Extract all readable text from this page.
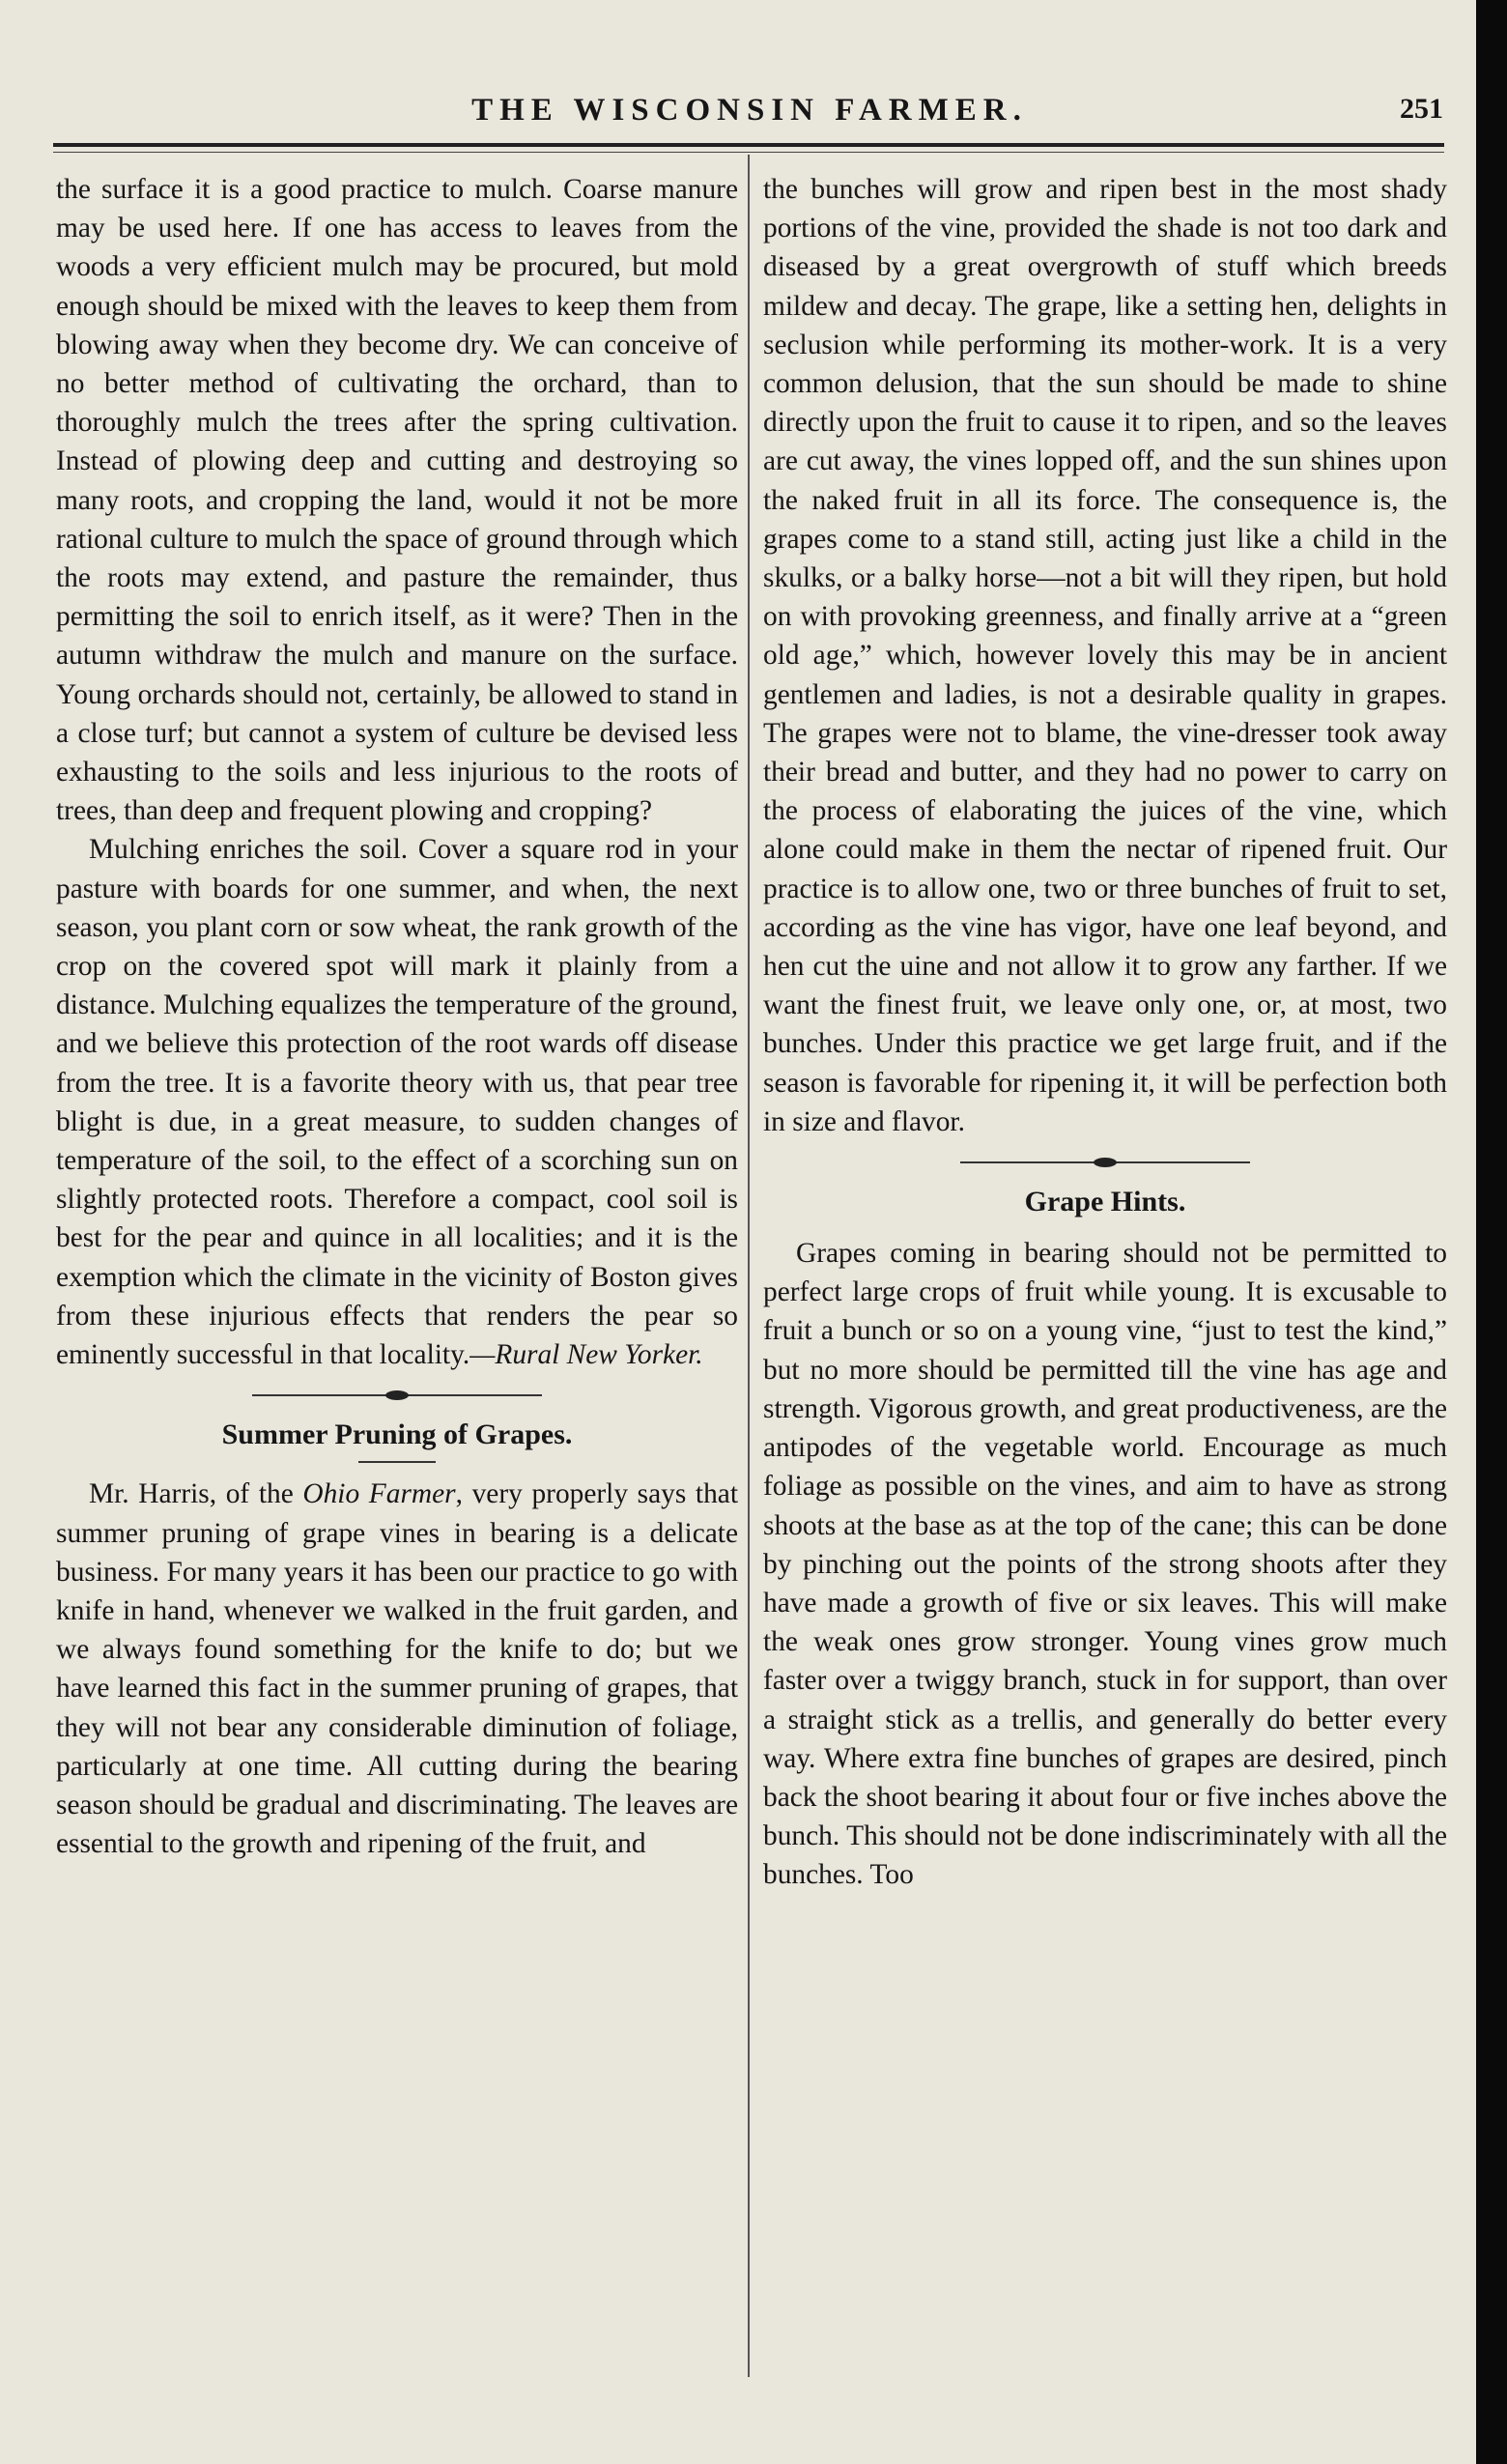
THE WISCONSIN FARMER.	251

the surface it is a good practice to mulch. Coarse manure may be used here. If one has access to leaves from the woods a very efficient mulch may be procured, but mold enough should be mixed with the leaves to keep them from blowing away when they become dry. We can conceive of no better method of cultivating the orchard, than to thoroughly mulch the trees after the spring cultivation. Instead of plowing deep and cutting and destroying so many roots, and cropping the land, would it not be more rational culture to mulch the space of ground through which the roots may extend, and pasture the remainder, thus permitting the soil to enrich itself, as it were? Then in the autumn withdraw the mulch and manure on the surface. Young orchards should not, certainly, be allowed to stand in a close turf; but cannot a system of culture be devised less exhausting to the soils and less injurious to the roots of trees, than deep and frequent plowing and cropping?

Mulching enriches the soil. Cover a square rod in your pasture with boards for one summer, and when, the next season, you plant corn or sow wheat, the rank growth of the crop on the covered spot will mark it plainly from a distance. Mulching equalizes the temperature of the ground, and we believe this protection of the root wards off disease from the tree. It is a favorite theory with us, that pear tree blight is due, in a great measure, to sudden changes of temperature of the soil, to the effect of a scorching sun on slightly protected roots. Therefore a compact, cool soil is best for the pear and quince in all localities; and it is the exemption which the climate in the vicinity of Boston gives from these injurious effects that renders the pear so eminently successful in that locality.—Rural New Yorker.

Summer Pruning of Grapes.

Mr. Harris, of the Ohio Farmer, very properly says that summer pruning of grape vines in bearing is a delicate business. For many years it has been our practice to go with knife in hand, whenever we walked in the fruit garden, and we always found something for the knife to do; but we have learned this fact in the summer pruning of grapes, that they will not bear any considerable diminution of foliage, particularly at one time. All cutting during the bearing season should be gradual and discriminating. The leaves are essential to the growth and ripening of the fruit, and

the bunches will grow and ripen best in the most shady portions of the vine, provided the shade is not too dark and diseased by a great overgrowth of stuff which breeds mildew and decay. The grape, like a setting hen, delights in seclusion while performing its mother-work. It is a very common delusion, that the sun should be made to shine directly upon the fruit to cause it to ripen, and so the leaves are cut away, the vines lopped off, and the sun shines upon the naked fruit in all its force. The consequence is, the grapes come to a stand still, acting just like a child in the skulks, or a balky horse—not a bit will they ripen, but hold on with provoking greenness, and finally arrive at a “green old age,” which, however lovely this may be in ancient gentlemen and ladies, is not a desirable quality in grapes. The grapes were not to blame, the vine-dresser took away their bread and butter, and they had no power to carry on the process of elaborating the juices of the vine, which alone could make in them the nectar of ripened fruit. Our practice is to allow one, two or three bunches of fruit to set, according as the vine has vigor, have one leaf beyond, and hen cut the uine and not allow it to grow any farther. If we want the finest fruit, we leave only one, or, at most, two bunches. Under this practice we get large fruit, and if the season is favorable for ripening it, it will be perfection both in size and flavor.

Grape Hints.

Grapes coming in bearing should not be permitted to perfect large crops of fruit while young. It is excusable to fruit a bunch or so on a young vine, “just to test the kind,” but no more should be permitted till the vine has age and strength. Vigorous growth, and great productiveness, are the antipodes of the vegetable world. Encourage as much foliage as possible on the vines, and aim to have as strong shoots at the base as at the top of the cane; this can be done by pinching out the points of the strong shoots after they have made a growth of five or six leaves. This will make the weak ones grow stronger. Young vines grow much faster over a twiggy branch, stuck in for support, than over a straight stick as a trellis, and generally do better every way. Where extra fine bunches of grapes are desired, pinch back the shoot bearing it about four or five inches above the bunch. This should not be done indiscriminately with all the bunches. Too
